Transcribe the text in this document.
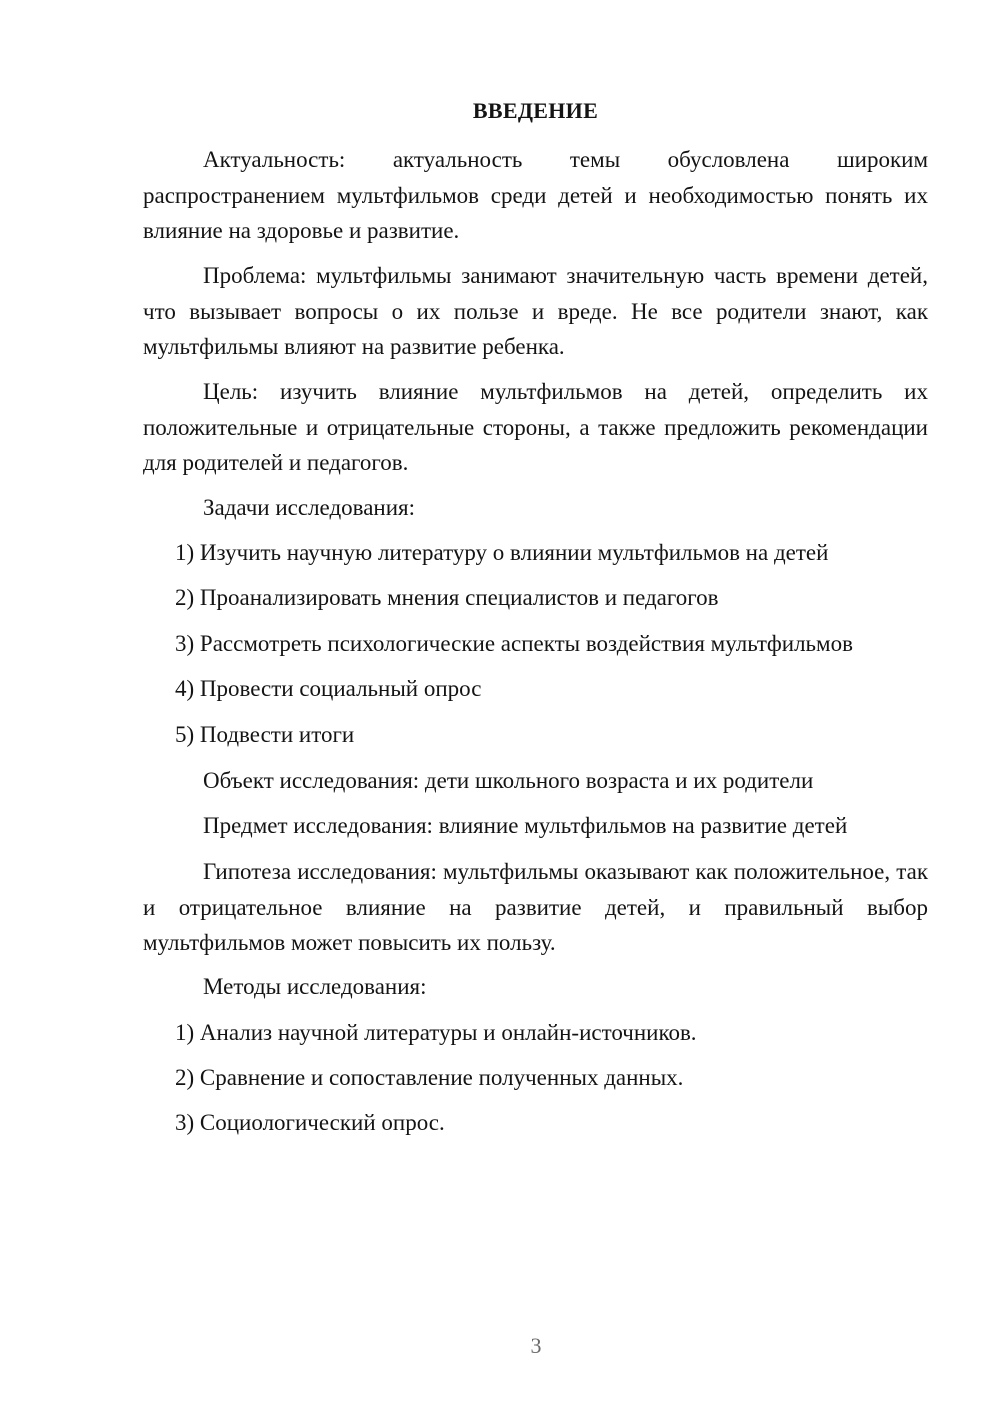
ВВЕДЕНИЕ

Актуальность: актуальность темы обусловлена широким распространением мультфильмов среди детей и необходимостью понять их влияние на здоровье и развитие.

Проблема: мультфильмы занимают значительную часть времени детей, что вызывает вопросы о их пользе и вреде. Не все родители знают, как мультфильмы влияют на развитие ребенка.

Цель: изучить влияние мультфильмов на детей, определить их положительные и отрицательные стороны, а также предложить рекомендации для родителей и педагогов.

Задачи исследования:
1) Изучить научную литературу о влиянии мультфильмов на детей
2) Проанализировать мнения специалистов и педагогов
3) Рассмотреть психологические аспекты воздействия мультфильмов
4) Провести социальный опрос
5) Подвести итоги
Объект исследования: дети школьного возраста и их родители
Предмет исследования: влияние мультфильмов на развитие детей

Гипотеза исследования: мультфильмы оказывают как положительное, так и отрицательное влияние на развитие детей, и правильный выбор мультфильмов может повысить их пользу.

Методы исследования:
1) Анализ научной литературы и онлайн-источников.
2) Сравнение и сопоставление полученных данных.
3) Социологический опрос.
3
